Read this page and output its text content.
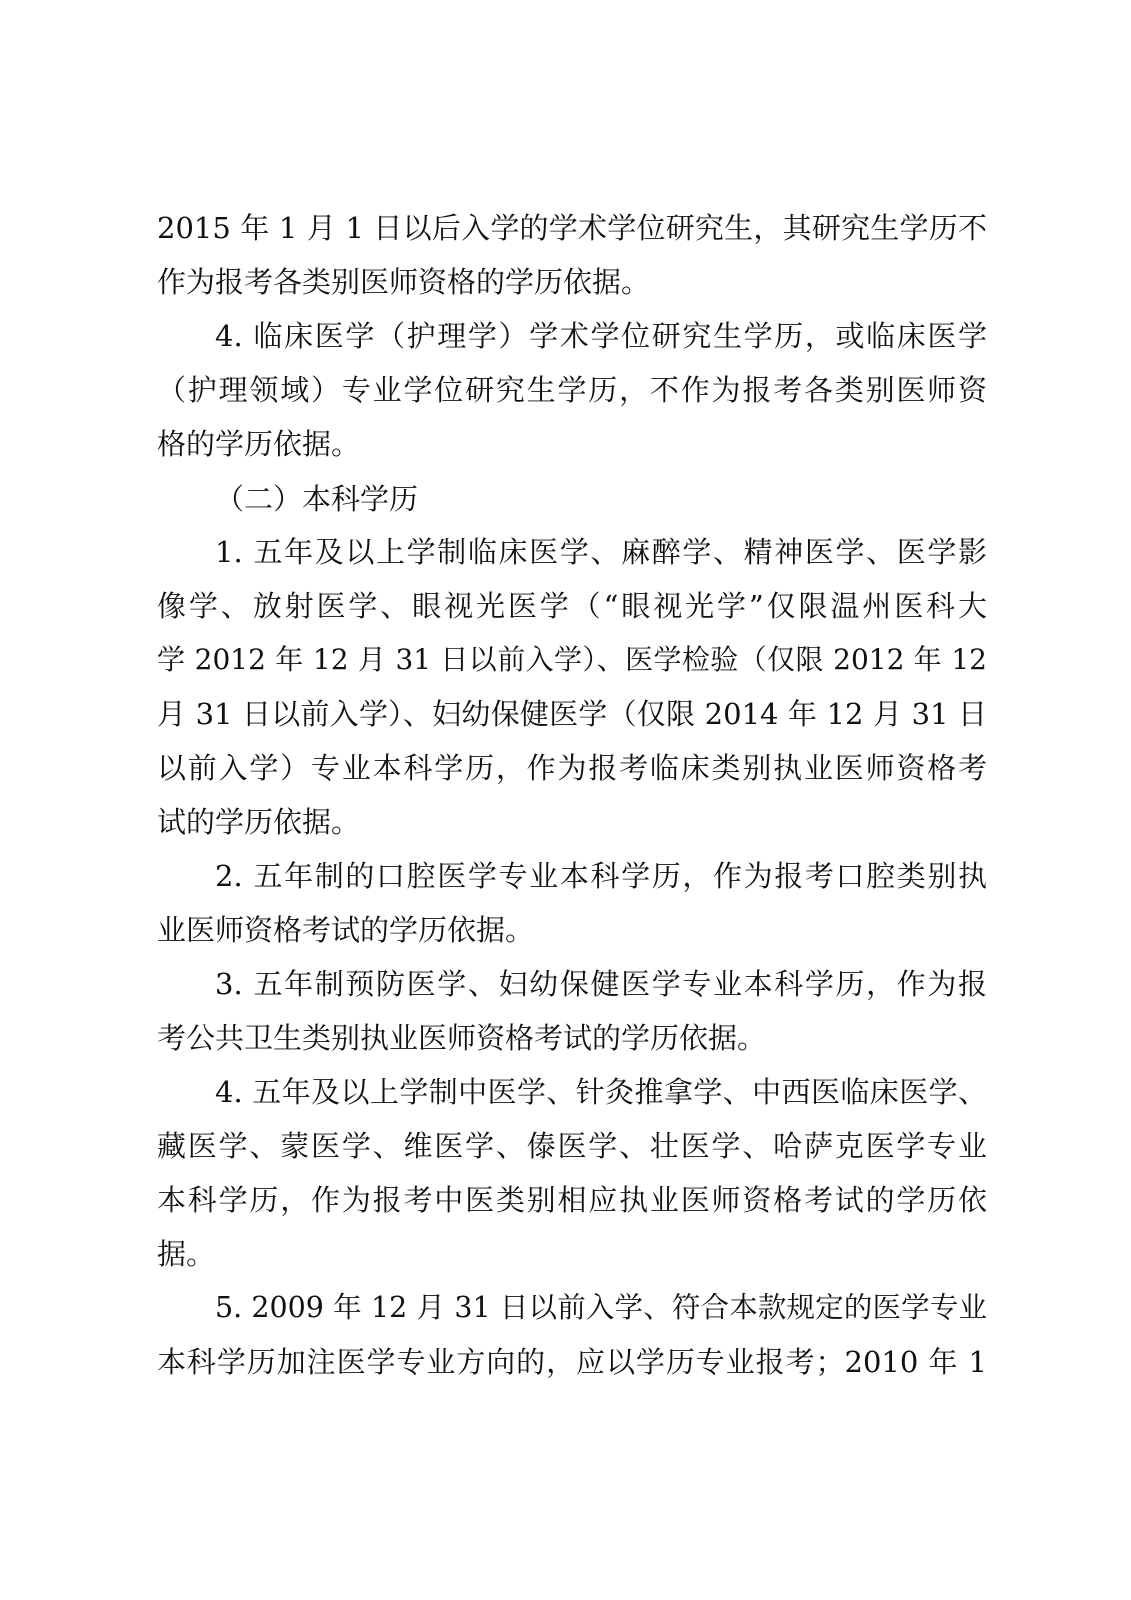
2015 年 1 月 1 日以后入学的学术学位研究生，其研究生学历不
作为报考各类别医师资格的学历依据。
4. 临床医学（护理学）学术学位研究生学历，或临床医学
（护理领域）专业学位研究生学历，不作为报考各类别医师资
格的学历依据。
（二）本科学历
1. 五年及以上学制临床医学、麻醉学、精神医学、医学影
像学、放射医学、眼视光医学（“眼视光学”仅限温州医科大
学 2012 年 12 月 31 日以前入学）、医学检验（仅限 2012 年 12
月 31 日以前入学）、妇幼保健医学（仅限 2014 年 12 月 31 日
以前入学）专业本科学历，作为报考临床类别执业医师资格考
试的学历依据。
2. 五年制的口腔医学专业本科学历，作为报考口腔类别执
业医师资格考试的学历依据。
3. 五年制预防医学、妇幼保健医学专业本科学历，作为报
考公共卫生类别执业医师资格考试的学历依据。
4. 五年及以上学制中医学、针灸推拿学、中西医临床医学、
藏医学、蒙医学、维医学、傣医学、壮医学、哈萨克医学专业
本科学历，作为报考中医类别相应执业医师资格考试的学历依
据。
5. 2009 年 12 月 31 日以前入学、符合本款规定的医学专业
本科学历加注医学专业方向的，应以学历专业报考；2010 年 1
